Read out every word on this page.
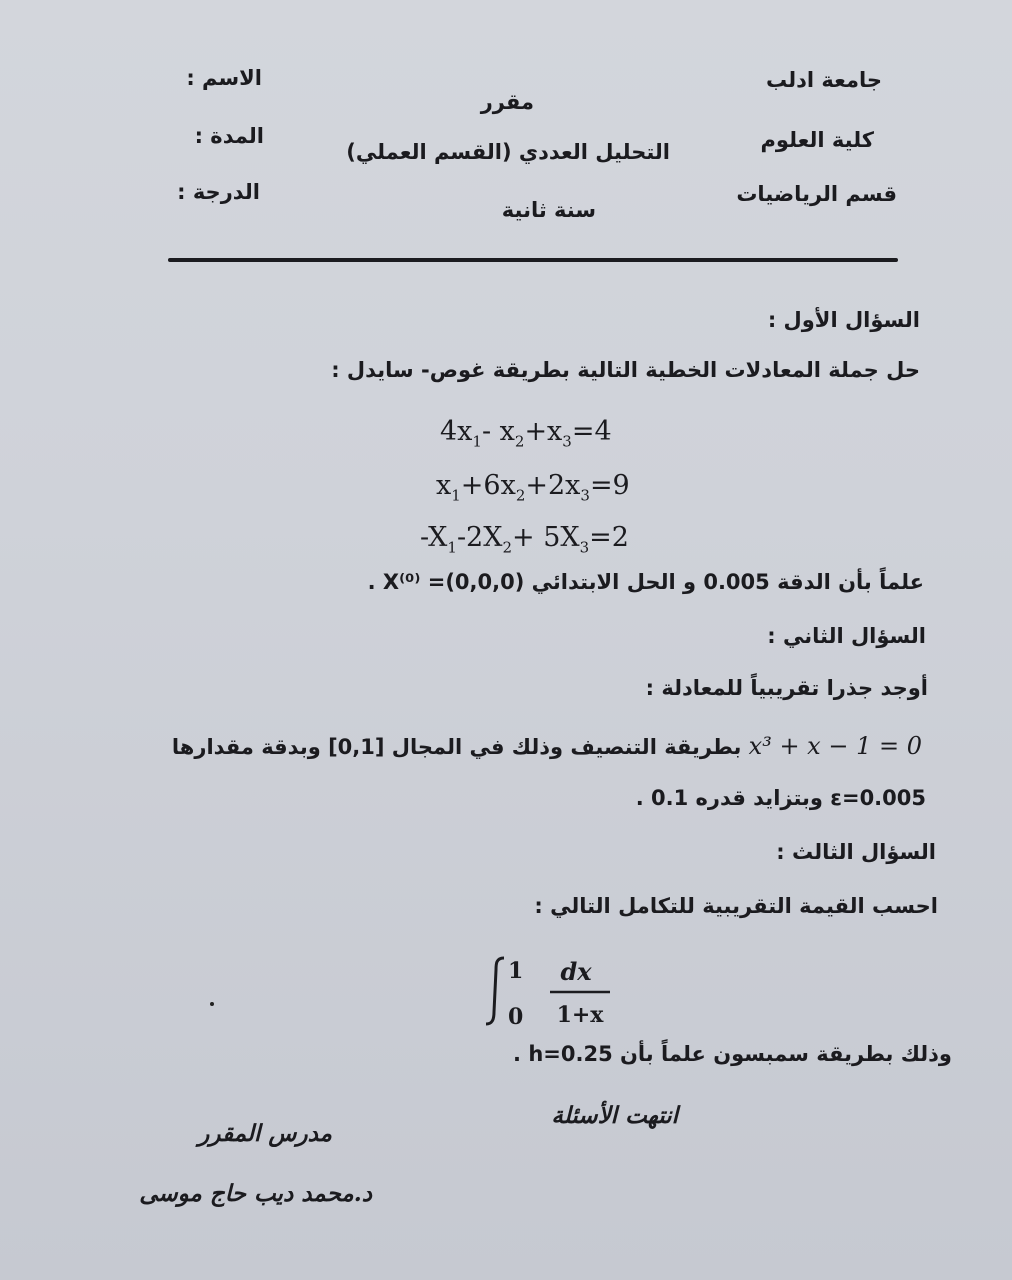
جامعة ادلب
كلية العلوم
قسم الرياضيات
مقرر
التحليل العددي (القسم العملي)
سنة ثانية
الاسم :
المدة :
الدرجة :
السؤال الأول :
حل جملة المعادلات الخطية التالية بطريقة غوص- سايدل :
$4x_1-$ $x_2+x_3=4$
$x_1+6x_2+2x_3=9$
$-X_1-2X_2+ 5X_3=2$
علماً بأن الدقة 0.005 و الحل الابتدائي (0,0,0)= X⁽⁰⁾ .
السؤال الثاني :
أوجد جذرا تقريبياً للمعادلة :
x³ + x − 1 = 0 بطريقة التنصيف وذلك في المجال [0,1] وبدقة مقدارها
ε=0.005 وبتزايد قدره 0.1 .
السؤال الثالث :
احسب القيمة التقريبية للتكامل التالي :
1
0
dx
1+x
وذلك بطريقة سمبسون علماً بأن h=0.25 .
انتهت الأسئلة
مدرس المقرر
د.محمد ديب حاج موسى
